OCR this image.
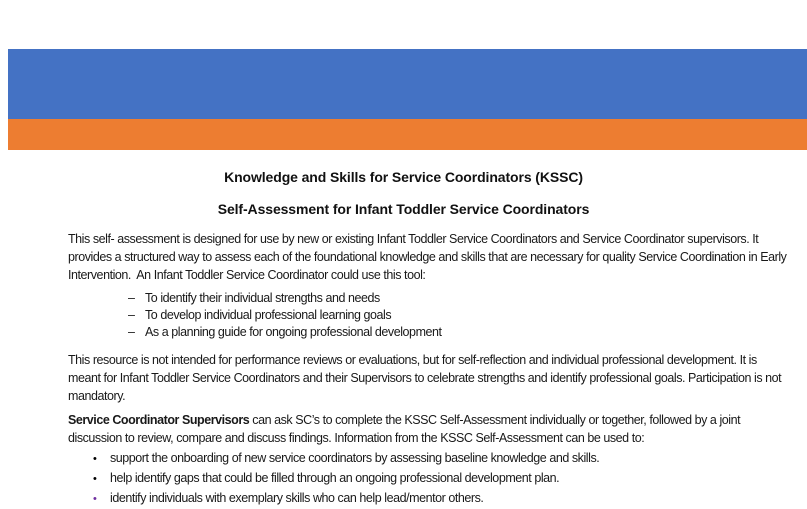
Knowledge and Skills for Service Coordinators (KSSC)
Self-Assessment for Infant Toddler Service Coordinators

This self- assessment is designed for use by new or existing Infant Toddler Service Coordinators and Service Coordinator supervisors. It provides a structured way to assess each of the foundational knowledge and skills that are necessary for quality Service Coordination in Early Intervention.  An Infant Toddler Service Coordinator could use this tool:

– To identify their individual strengths and needs
– To develop individual professional learning goals
– As a planning guide for ongoing professional development

This resource is not intended for performance reviews or evaluations, but for self-reflection and individual professional development. It is meant for Infant Toddler Service Coordinators and their Supervisors to celebrate strengths and identify professional goals. Participation is not mandatory.

Service Coordinator Supervisors can ask SC’s to complete the KSSC Self-Assessment individually or together, followed by a joint discussion to review, compare and discuss findings. Information from the KSSC Self-Assessment can be used to:

• support the onboarding of new service coordinators by assessing baseline knowledge and skills.
• help identify gaps that could be filled through an ongoing professional development plan.
• identify individuals with exemplary skills who can help lead/mentor others.
